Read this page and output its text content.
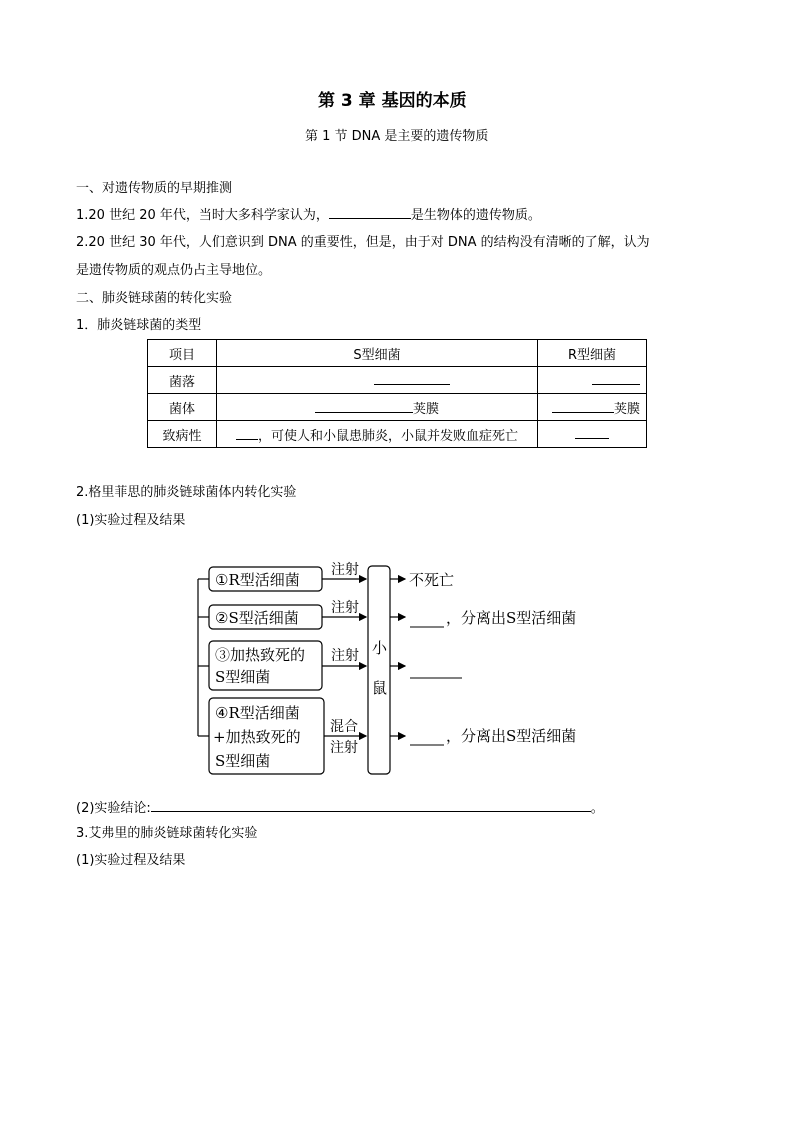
第 3 章 基因的本质
第 1 节 DNA 是主要的遗传物质
一、对遗传物质的早期推测
1.20 世纪 20 年代，当时大多科学家认为，	是生物体的遗传物质。
2.20 世纪 30 年代，人们意识到 DNA 的重要性，但是，由于对 DNA 的结构没有清晰的了解，认为
是遗传物质的观点仍占主导地位。
二、肺炎链球菌的转化实验
1．肺炎链球菌的类型
项目	S型细菌	R型细菌
菌落		
菌体	荚膜	荚膜
致病性	，可使人和小鼠患肺炎，小鼠并发败血症死亡	
2.格里菲思的肺炎链球菌体内转化实验
(1)实验过程及结果
①R型活细菌
②S型活细菌
③加热致死的
S型细菌
④R型活细菌
+加热致死的
S型细菌
注射
注射
注射
混合
注射
小
鼠
不死亡
，分离出S型活细菌
，分离出S型活细菌
(2)实验结论:	。
3.艾弗里的肺炎链球菌转化实验
(1)实验过程及结果
